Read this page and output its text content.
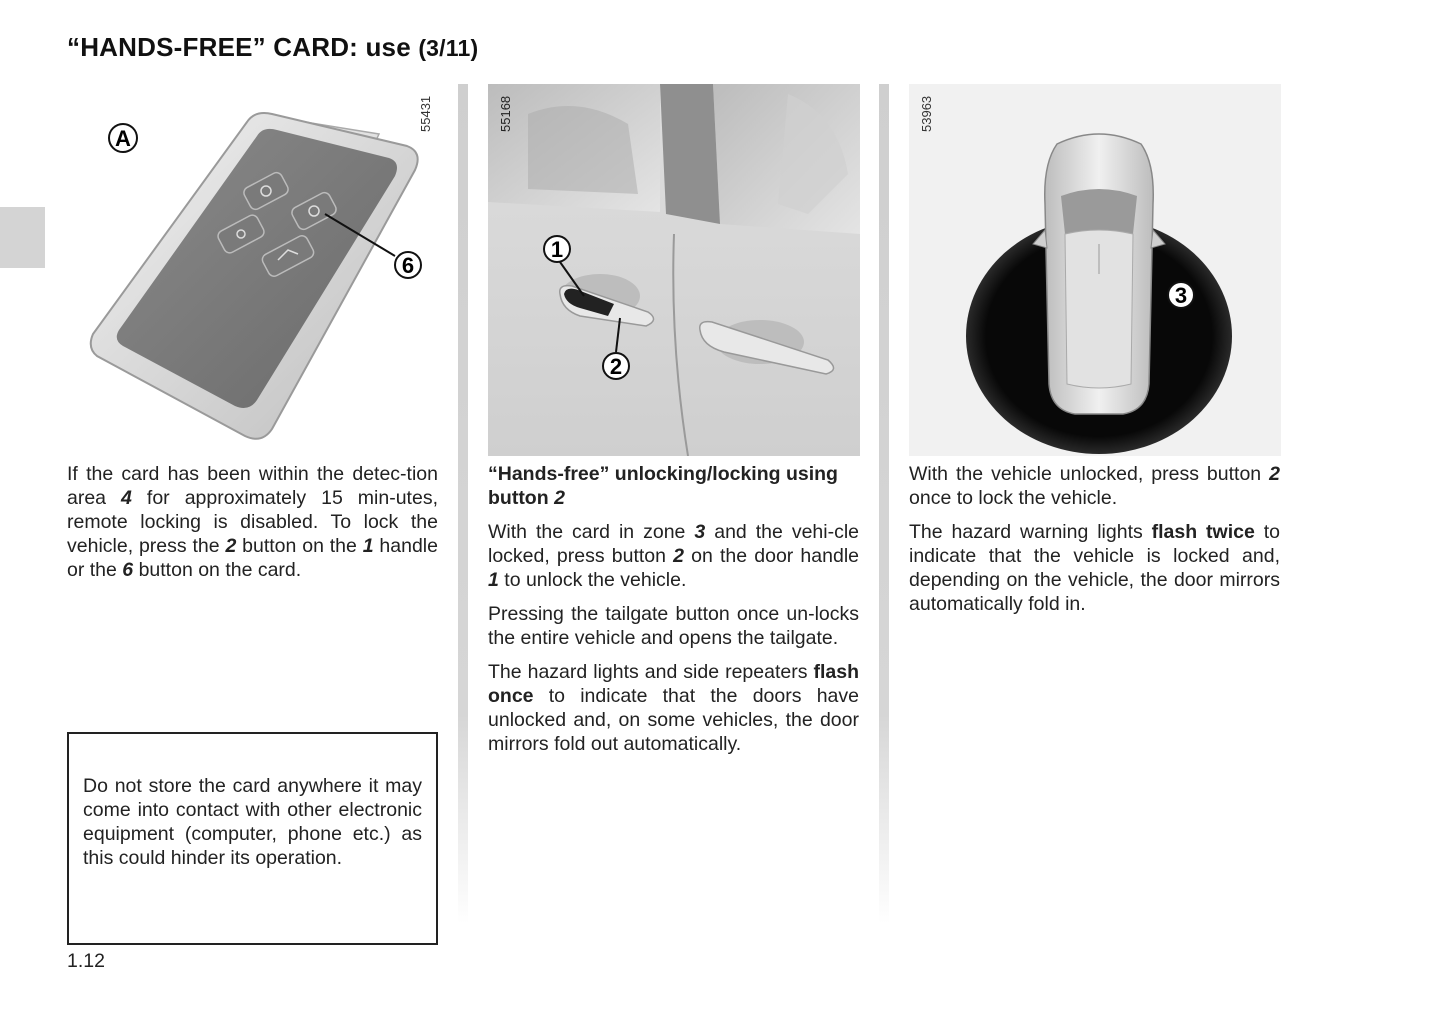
“HANDS-FREE” CARD: use (3/11)
A
6
55431
1
2
55168
3
53963

If the card has been within the detec-tion area 4 for approximately 15 min-utes, remote locking is disabled. To lock the vehicle, press the 2 button on the 1 handle or the 6 button on the card.

Do not store the card anywhere it may come into contact with other electronic equipment (computer, phone etc.) as this could hinder its operation.

“Hands-free” unlocking/locking using button 2

With the card in zone 3 and the vehi-cle locked, press button 2 on the door handle 1 to unlock the vehicle.

Pressing the tailgate button once un-locks the entire vehicle and opens the tailgate.

The hazard lights and side repeaters flash once to indicate that the doors have unlocked and, on some vehicles, the door mirrors fold out automatically.

With the vehicle unlocked, press button 2 once to lock the vehicle.

The hazard warning lights flash twice to indicate that the vehicle is locked and, depending on the vehicle, the door mirrors automatically fold in.

1.12
